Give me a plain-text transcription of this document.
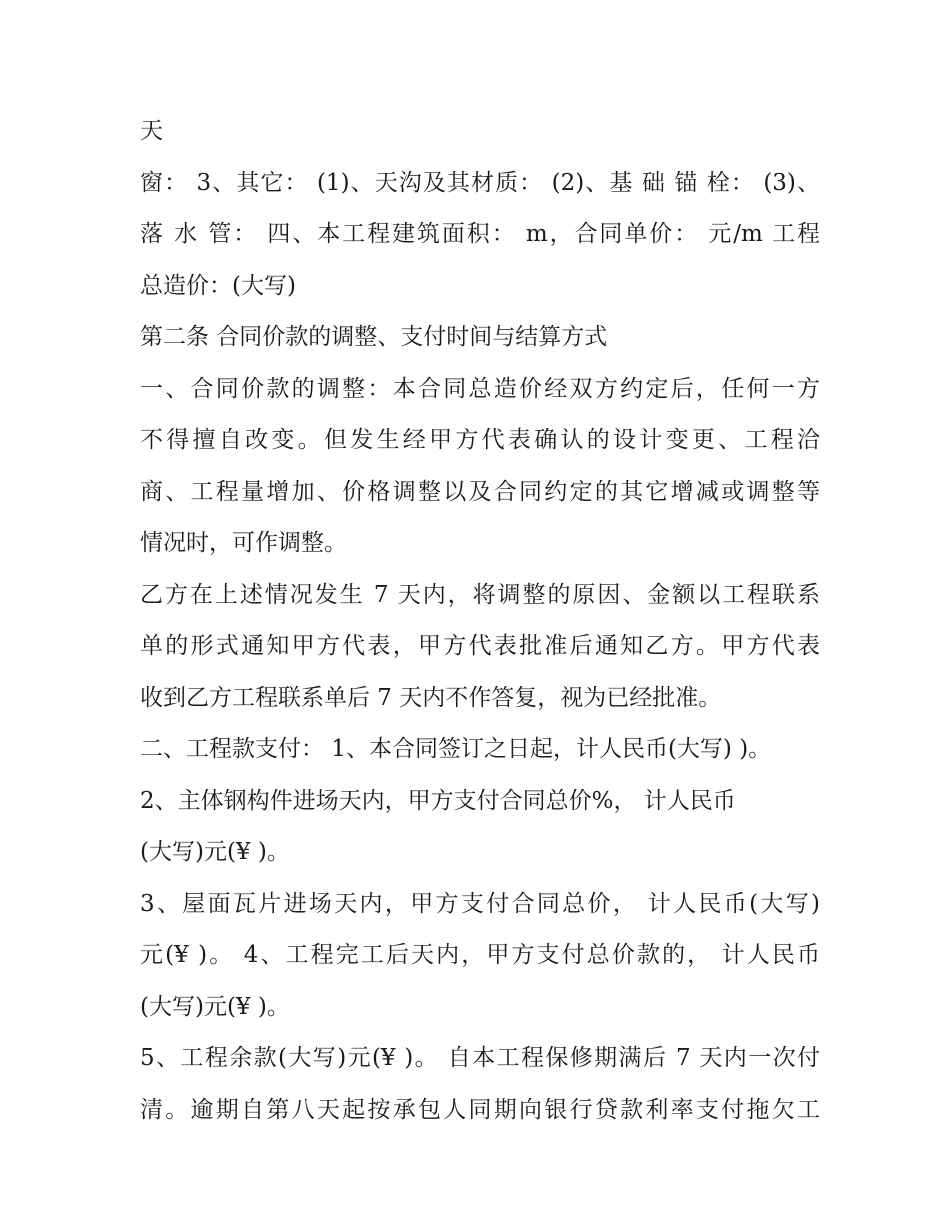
天
窗： 3、其它： (1)、天沟及其材质： (2)、基 础 锚 栓： (3)、
落 水 管： 四、本工程建筑面积： m，合同单价： 元/m 工程
总造价：(大写)
第二条 合同价款的调整、支付时间与结算方式
一、合同价款的调整：本合同总造价经双方约定后，任何一方
不得擅自改变。但发生经甲方代表确认的设计变更、工程洽
商、工程量增加、价格调整以及合同约定的其它增减或调整等
情况时，可作调整。
乙方在上述情况发生 7 天内，将调整的原因、金额以工程联系
单的形式通知甲方代表，甲方代表批准后通知乙方。甲方代表
收到乙方工程联系单后 7 天内不作答复，视为已经批准。
二、工程款支付： 1、本合同签订之日起，计人民币(大写) )。
2、主体钢构件进场天内，甲方支付合同总价%， 计人民币
(大写)元(¥ )。
3、屋面瓦片进场天内，甲方支付合同总价， 计人民币(大写)
元(¥ )。 4、工程完工后天内，甲方支付总价款的， 计人民币
(大写)元(¥ )。
5、工程余款(大写)元(¥ )。 自本工程保修期满后 7 天内一次付
清。逾期自第八天起按承包人同期向银行贷款利率支付拖欠工
